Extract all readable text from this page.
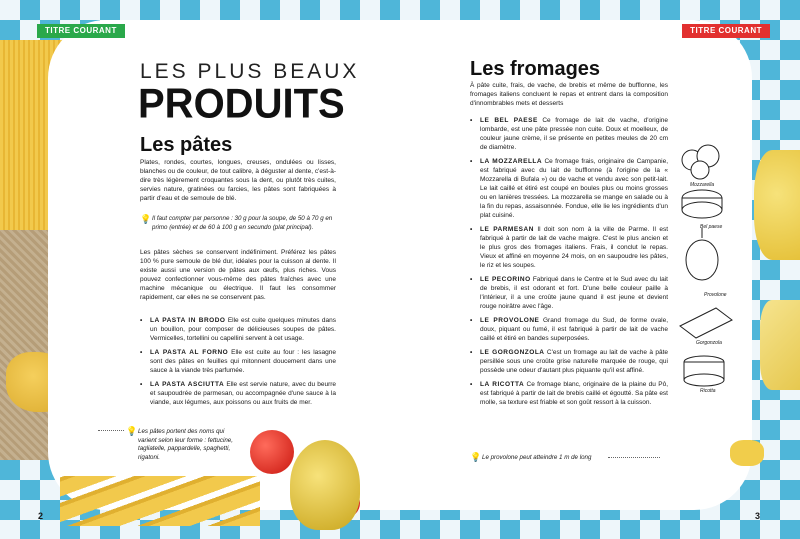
TITRE COURANT	TITRE COURANT
LES PLUS BEAUX
PRODUITS
Les pâtes
Plates, rondes, courtes, longues, creuses, ondulées ou lisses, blanches ou de couleur, de tout calibre, à déguster al dente, c'est-à-dire très légèrement croquantes sous la dent, ou plutôt très cuites, servies nature, gratinées ou farcies, les pâtes sont fabriquées à partir d'eau et de semoule de blé.
💡 Il faut compter par personne : 30 g pour la soupe, de 50 à 70 g en primo (entrée) et de 60 à 100 g en secundo (plat principal).
Les pâtes sèches se conservent indéfiniment. Préférez les pâtes 100 % pure semoule de blé dur, idéales pour la cuisson al dente. Il existe aussi une version de pâtes aux œufs, plus riches. Vous pouvez confectionner vous-même des pâtes fraîches avec une machine mécanique ou électrique. Il faut les consommer rapidement, car elles ne se conservent pas.
• LA PASTA IN BRODO Elle est cuite quelques minutes dans un bouillon, pour composer de délicieuses soupes de pâtes. Vermicelles, tortellini ou capellini servent à cet usage.
• LA PASTA AL FORNO Elle est cuite au four : les lasagne sont des pâtes en feuilles qui mitonnent doucement dans une sauce à la viande très parfumée.
• LA PASTA ASCIUTTA Elle est servie nature, avec du beurre et saupoudrée de parmesan, ou accompagnée d'une sauce à la viande, aux légumes, aux poissons ou aux fruits de mer.
💡 Les pâtes portent des noms qui varient selon leur forme : fettucine, tagliatelle, pappardelle, spaghetti, rigatoni.
2
Les fromages
À pâte cuite, frais, de vache, de brebis et même de bufflonne, les fromages italiens concluent le repas et entrent dans la composition d'innombrables mets et desserts
• LE BEL PAESE Ce fromage de lait de vache, d'origine lombarde, est une pâte pressée non cuite. Doux et moelleux, de couleur jaune crème, il se présente en petites meules de 20 cm de diamètre.
• LA MOZZARELLA Ce fromage frais, originaire de Campanie, est fabriqué avec du lait de bufflonne (à l'origine de la « Mozzarella di Bufala ») ou de vache et vendu avec son petit-lait. Le lait caillé et étiré est coupé en boules plus ou moins grosses ou en lanières tressées. La mozzarella se mange en salade ou à la fin du repas, assaisonnée. Fondue, elle lie les ingrédients d'un plat cuisiné.
• LE PARMESAN Il doit son nom à la ville de Parme. Il est fabriqué à partir de lait de vache maigre. C'est le plus ancien et le plus gros des fromages italiens. Frais, il conclut le repas. Vieux et affiné en moyenne 24 mois, on en saupoudre les pâtes, le riz et les soupes.
• LE PECORINO Fabriqué dans le Centre et le Sud avec du lait de brebis, il est odorant et fort. D'une belle couleur paille à l'intérieur, il a une croûte jaune quand il est jeune et devient rouge noirâtre avec l'âge.
• LE PROVOLONE Grand fromage du Sud, de forme ovale, doux, piquant ou fumé, il est fabriqué à partir de lait de vache caillé et étiré en bandes superposées.
• LE GORGONZOLA C'est un fromage au lait de vache à pâte persillée sous une croûte grise naturelle marquée de rouge, qui possède une odeur d'autant plus piquante qu'il est affiné.
• LA RICOTTA Ce fromage blanc, originaire de la plaine du Pô, est fabriqué à partir de lait de brebis caillé et égoutté. Sa pâte est molle, sa texture est friable et son goût ressort à la cuisson.
💡 Le provolone peut atteindre 1 m de long
Mozzarella
Bel paese
Provolone
Gorgonzola
Ricotta
3
